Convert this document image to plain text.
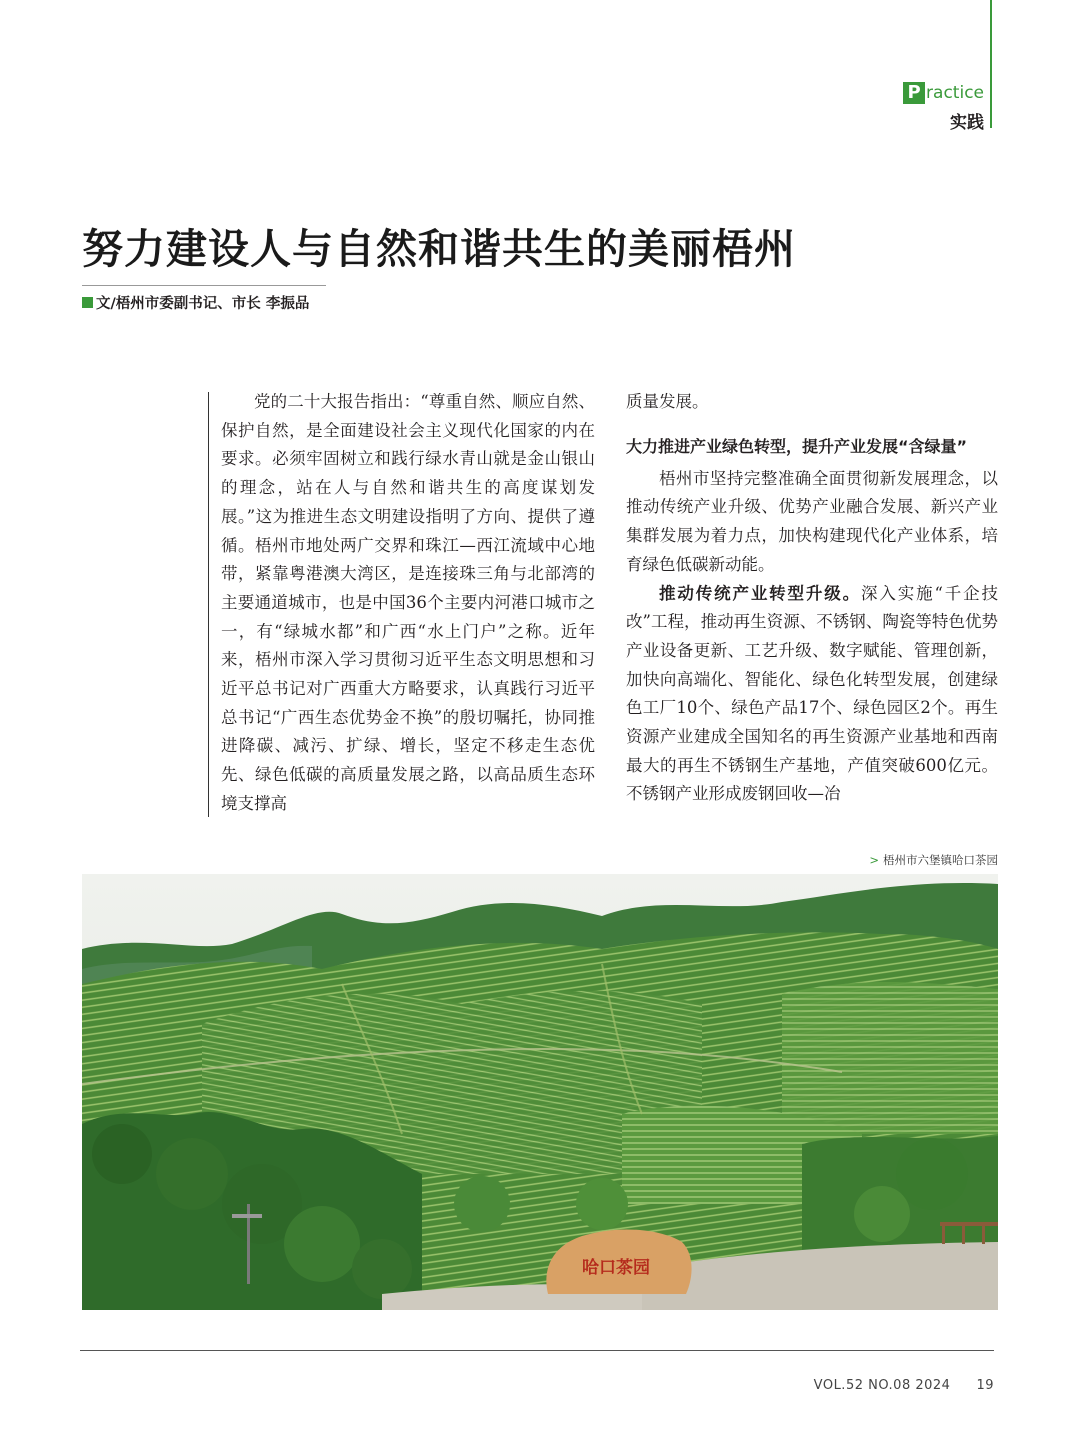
P ractice
实践
努力建设人与自然和谐共生的美丽梧州
文/梧州市委副书记、市长 李振品

党的二十大报告指出：“尊重自然、顺应自然、保护自然，是全面建设社会主义现代化国家的内在要求。必须牢固树立和践行绿水青山就是金山银山的理念，站在人与自然和谐共生的高度谋划发展。”这为推进生态文明建设指明了方向、提供了遵循。梧州市地处两广交界和珠江—西江流域中心地带，紧靠粤港澳大湾区，是连接珠三角与北部湾的主要通道城市，也是中国36个主要内河港口城市之一，有“绿城水都”和广西“水上门户”之称。近年来，梧州市深入学习贯彻习近平生态文明思想和习近平总书记对广西重大方略要求，认真践行习近平总书记“广西生态优势金不换”的殷切嘱托，协同推进降碳、减污、扩绿、增长，坚定不移走生态优先、绿色低碳的高质量发展之路，以高品质生态环境支撑高

质量发展。

大力推进产业绿色转型，提升产业发展“含绿量”

梧州市坚持完整准确全面贯彻新发展理念，以推动传统产业升级、优势产业融合发展、新兴产业集群发展为着力点，加快构建现代化产业体系，培育绿色低碳新动能。

推动传统产业转型升级。深入实施“千企技改”工程，推动再生资源、不锈钢、陶瓷等特色优势产业设备更新、工艺升级、数字赋能、管理创新，加快向高端化、智能化、绿色化转型发展，创建绿色工厂10个、绿色产品17个、绿色园区2个。再生资源产业建成全国知名的再生资源产业基地和西南最大的再生不锈钢生产基地，产值突破600亿元。不锈钢产业形成废钢回收—冶

> 梧州市六堡镇哈口茶园
哈口茶园
VOL.52 NO.08 2024 19
